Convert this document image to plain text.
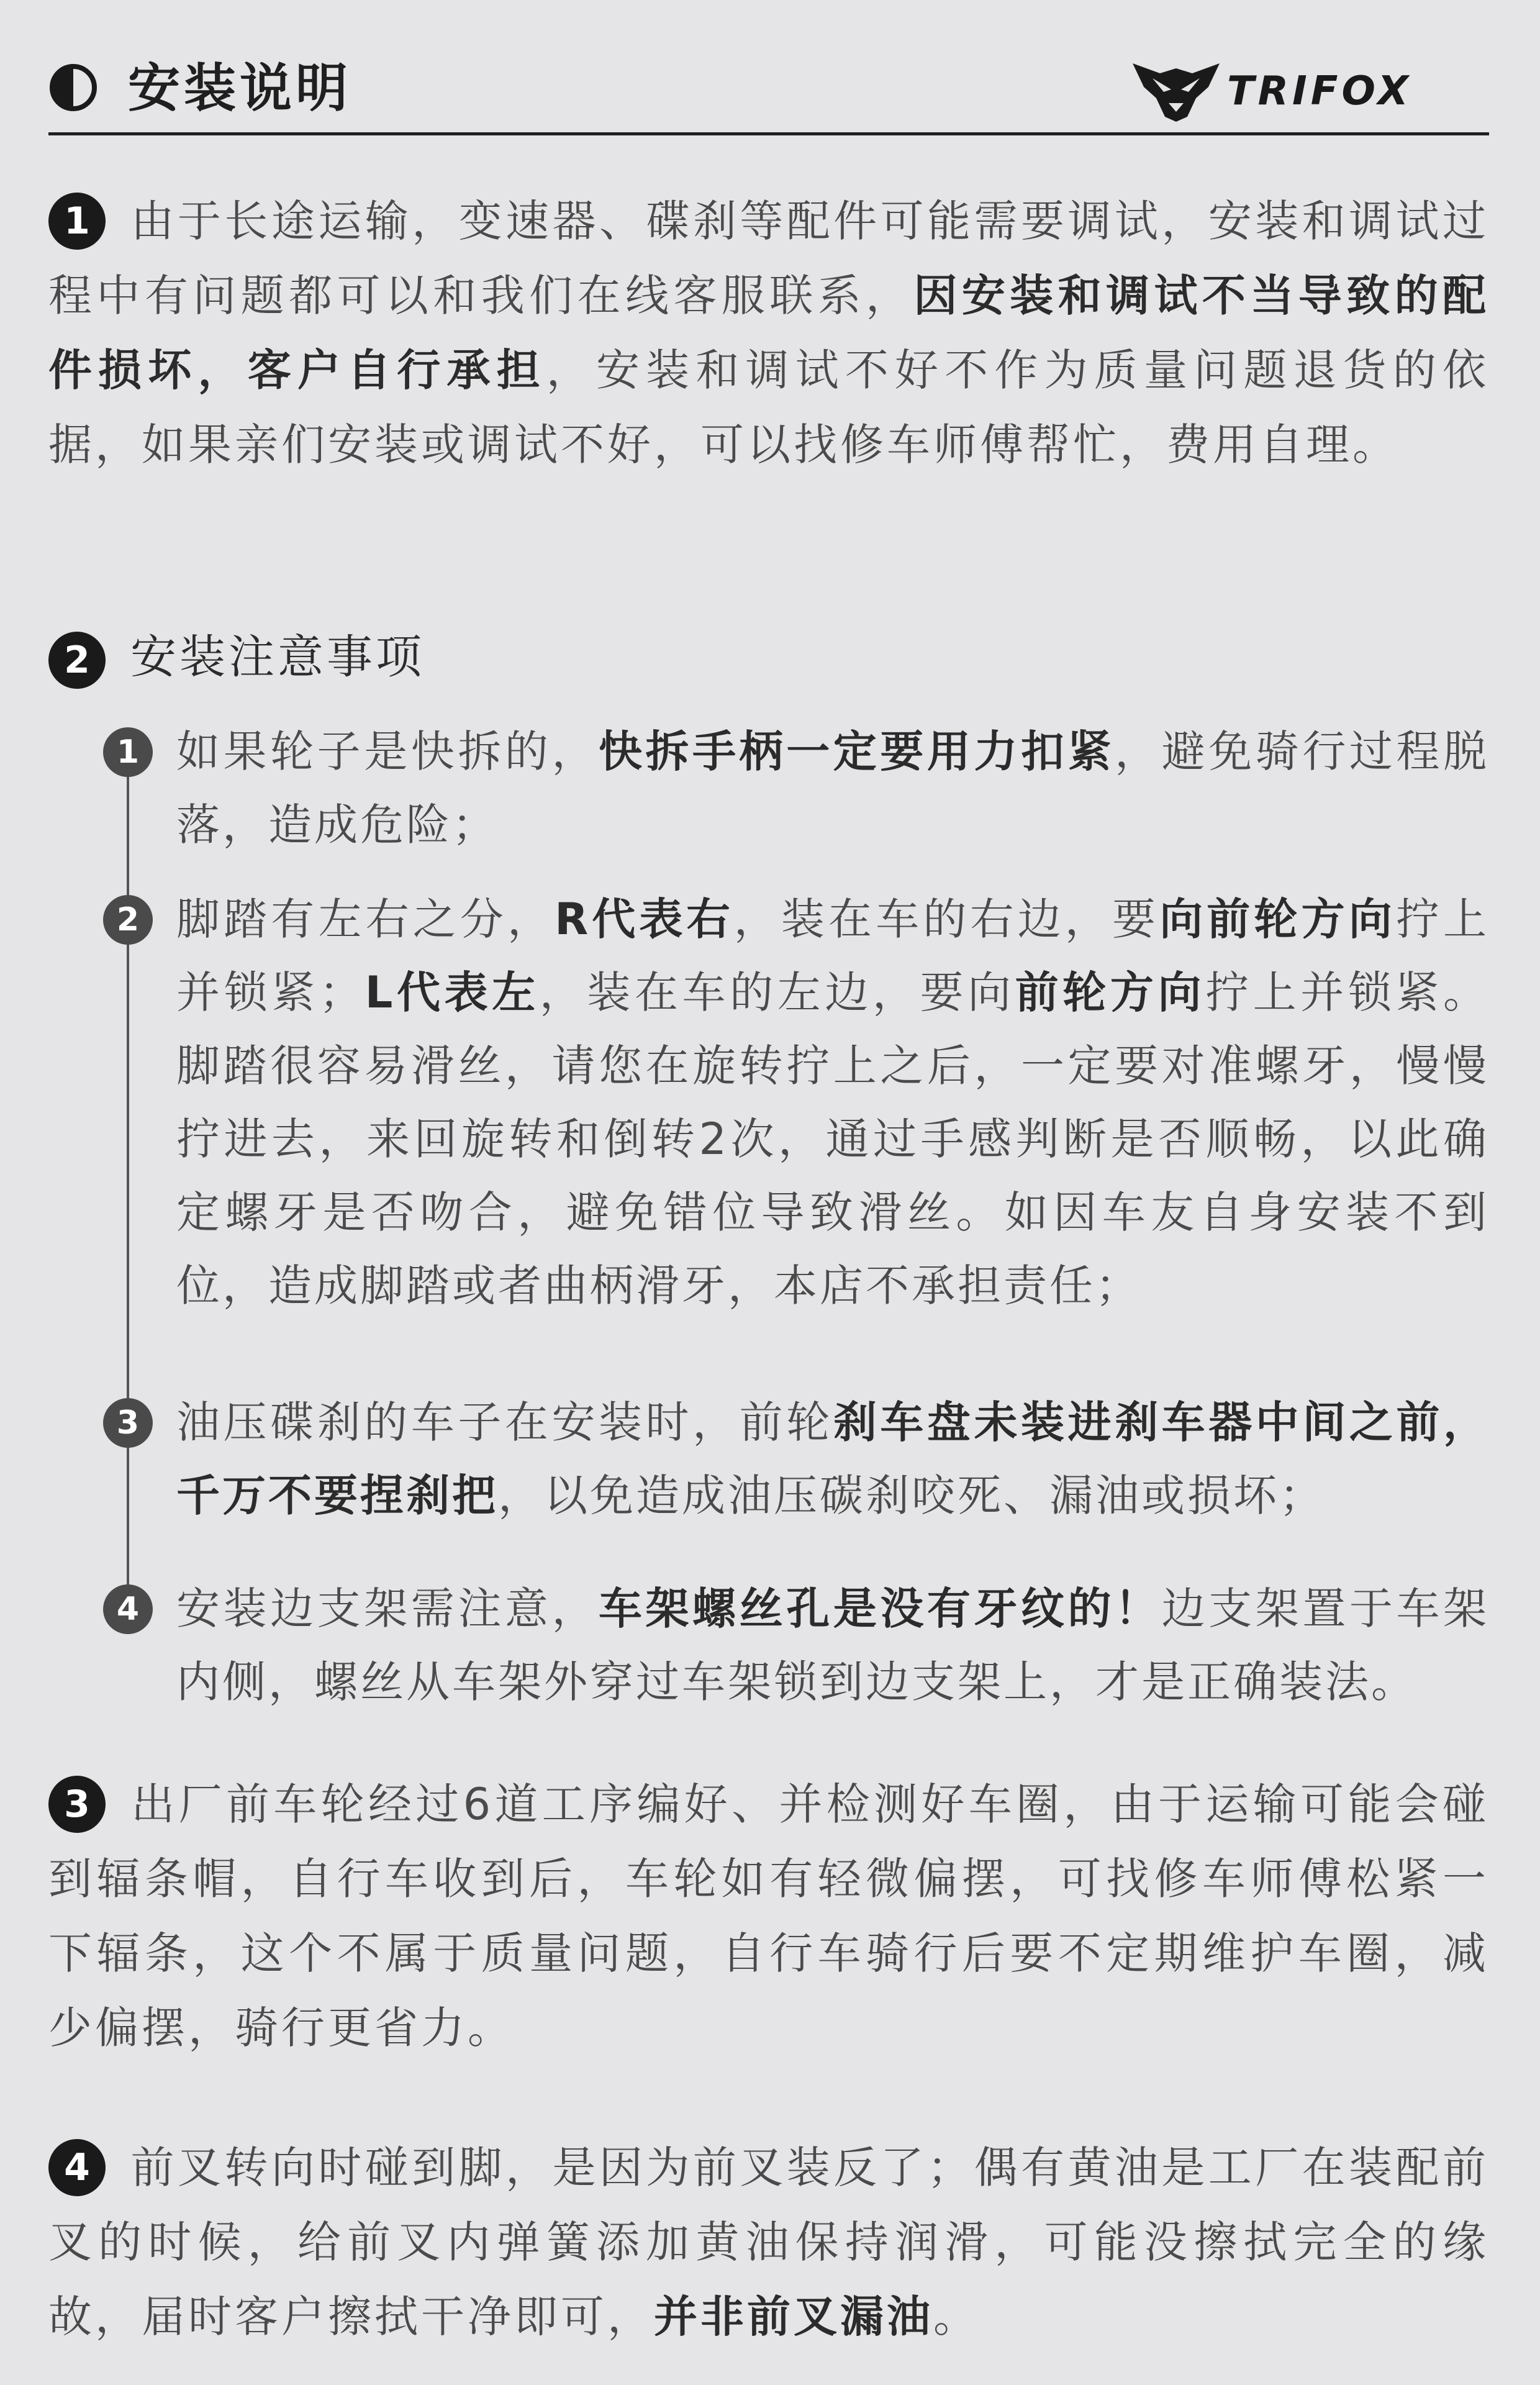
安装说明	TRIFOX
1 由于长途运输，变速器、碟刹等配件可能需要调试，安装和调试过程中有问题都可以和我们在线客服联系，因安装和调试不当导致的配件损坏，客户自行承担，安装和调试不好不作为质量问题退货的依据，如果亲们安装或调试不好，可以找修车师傅帮忙，费用自理。
2 安装注意事项
1 如果轮子是快拆的，快拆手柄一定要用力扣紧，避免骑行过程脱落，造成危险；
2 脚踏有左右之分，R代表右，装在车的右边，要向前轮方向拧上并锁紧；L代表左，装在车的左边，要向前轮方向拧上并锁紧。脚踏很容易滑丝，请您在旋转拧上之后，一定要对准螺牙，慢慢拧进去，来回旋转和倒转2次，通过手感判断是否顺畅，以此确定螺牙是否吻合，避免错位导致滑丝。如因车友自身安装不到位，造成脚踏或者曲柄滑牙，本店不承担责任；
3 油压碟刹的车子在安装时，前轮刹车盘未装进刹车器中间之前，千万不要捏刹把，以免造成油压碳刹咬死、漏油或损坏；
4 安装边支架需注意，车架螺丝孔是没有牙纹的！边支架置于车架内侧，螺丝从车架外穿过车架锁到边支架上，才是正确装法。
3 出厂前车轮经过6道工序编好、并检测好车圈，由于运输可能会碰到辐条帽，自行车收到后，车轮如有轻微偏摆，可找修车师傅松紧一下辐条，这个不属于质量问题，自行车骑行后要不定期维护车圈，减少偏摆，骑行更省力。
4 前叉转向时碰到脚，是因为前叉装反了；偶有黄油是工厂在装配前叉的时候，给前叉内弹簧添加黄油保持润滑，可能没擦拭完全的缘故，届时客户擦拭干净即可，并非前叉漏油。
